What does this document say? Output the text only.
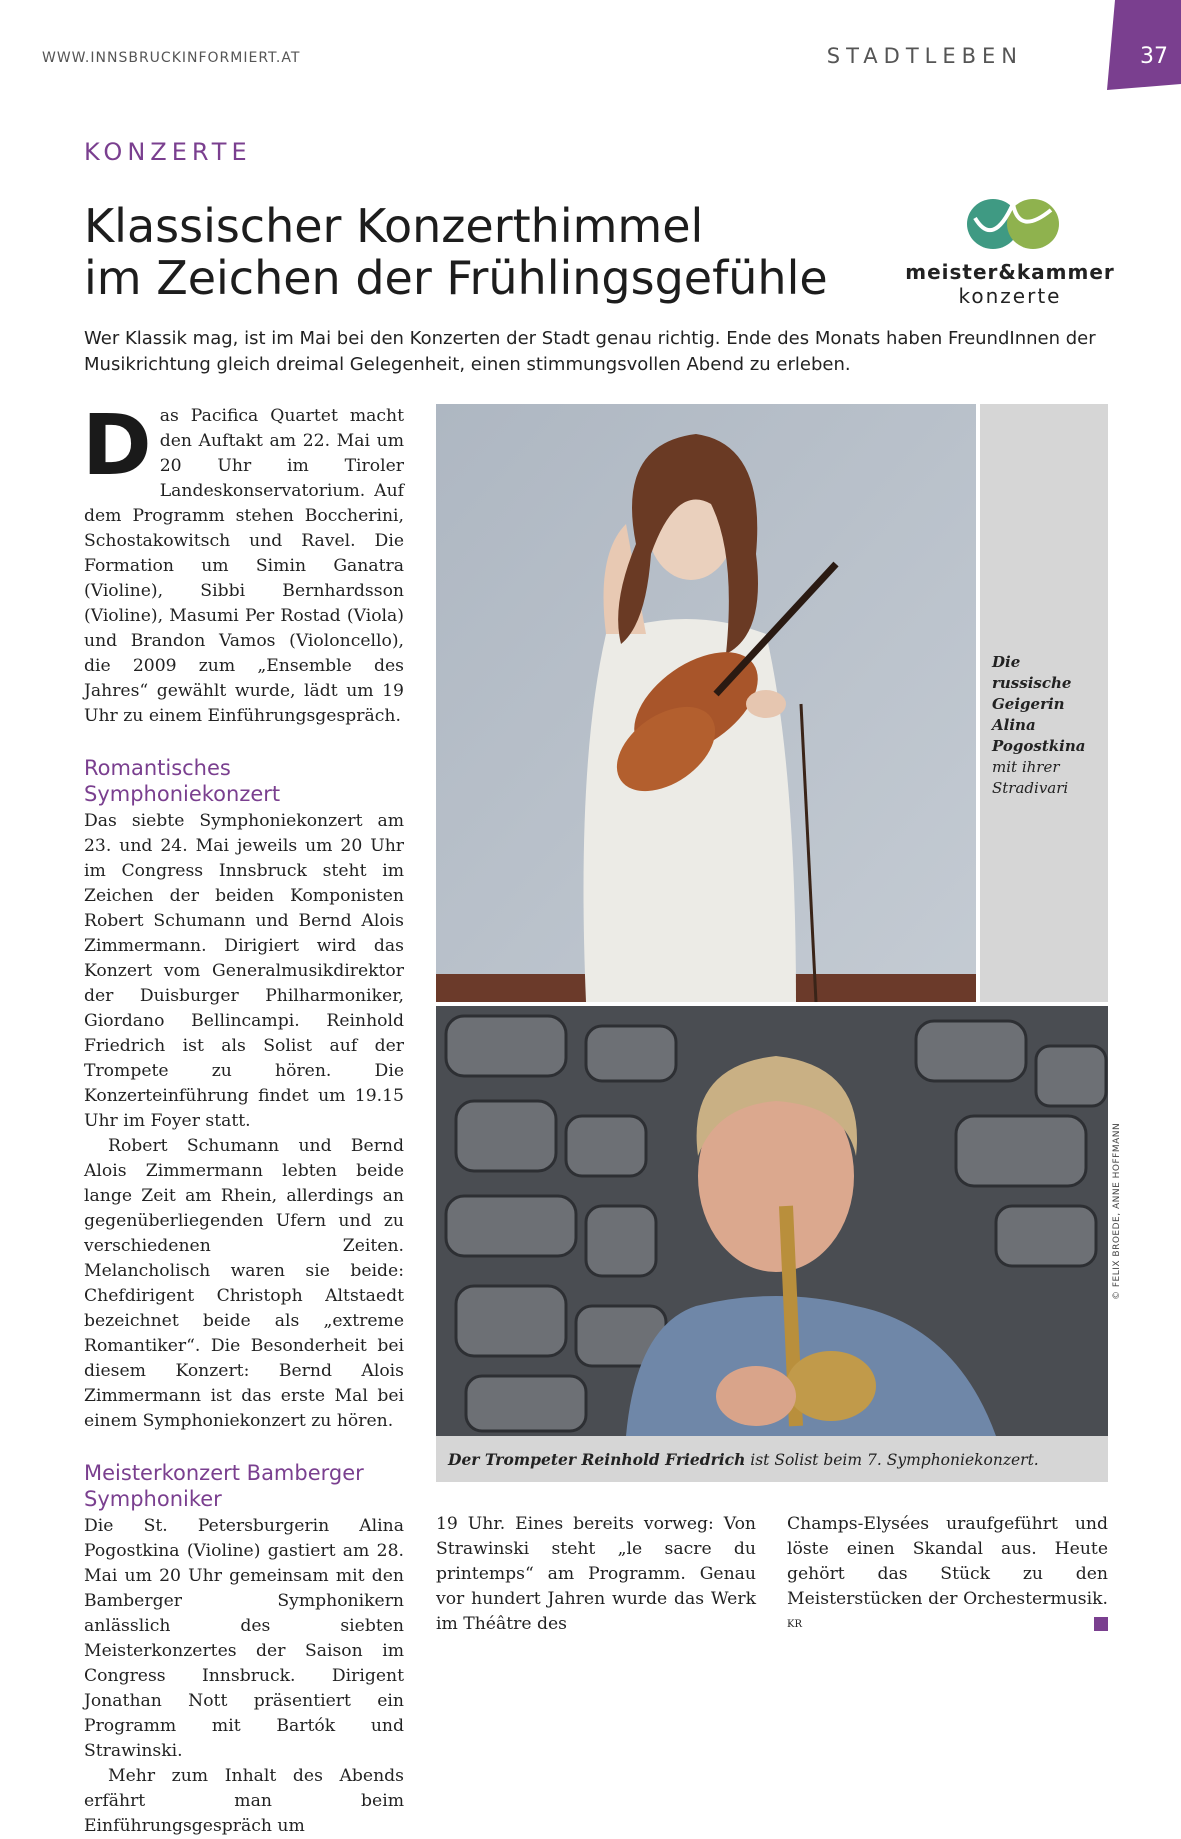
WWW.INNSBRUCKINFORMIERT.AT	STADTLEBEN	37
KONZERTE
Klassischer Konzerthimmel
im Zeichen der Frühlingsgefühle	meister&kammer
konzerte
Wer Klassik mag, ist im Mai bei den Konzerten der Stadt genau richtig. Ende des Monats haben FreundInnen der Musikrichtung gleich dreimal Gelegenheit, einen stimmungsvollen Abend zu erleben.

Das Pacifica Quartet macht den Auftakt am 22. Mai um 20 Uhr im Tiroler Landeskonservatorium. Auf dem Programm stehen Boccherini, Schostakowitsch und Ravel. Die Formation um Simin Ganatra (Violine), Sibbi Bernhardsson (Violine), Masumi Per Rostad (Viola) und Brandon Vamos (Violoncello), die 2009 zum „Ensemble des Jahres“ gewählt wurde, lädt um 19 Uhr zu einem Einführungsgespräch.

Romantisches Symphoniekonzert

Das siebte Symphoniekonzert am 23. und 24. Mai jeweils um 20 Uhr im Congress Innsbruck steht im Zeichen der beiden Komponisten Robert Schumann und Bernd Alois Zimmermann. Dirigiert wird das Konzert vom Generalmusikdirektor der Duisburger Philharmoniker, Giordano Bellincampi. Reinhold Friedrich ist als Solist auf der Trompete zu hören. Die Konzerteinführung findet um 19.15 Uhr im Foyer statt.

Robert Schumann und Bernd Alois Zimmermann lebten beide lange Zeit am Rhein, allerdings an gegenüberliegenden Ufern und zu verschiedenen Zeiten. Melancholisch waren sie beide: Chefdirigent Christoph Altstaedt bezeichnet beide als „extreme Romantiker“. Die Besonderheit bei diesem Konzert: Bernd Alois Zimmermann ist das erste Mal bei einem Symphoniekonzert zu hören.

Meisterkonzert Bamberger Symphoniker

Die St. Petersburgerin Alina Pogostkina (Violine) gastiert am 28. Mai um 20 Uhr gemeinsam mit den Bamberger Symphonikern anlässlich des siebten Meisterkonzertes der Saison im Congress Innsbruck. Dirigent Jonathan Nott präsentiert ein Programm mit Bartók und Strawinski.

Mehr zum Inhalt des Abends erfährt man beim Einführungsgespräch um

Die russische Geigerin Alina Pogostkina
mit ihrer Stradivari
Der Trompeter Reinhold Friedrich ist Solist beim 7. Symphoniekonzert.
© FELIX BROEDE, ANNE HOFFMANN

19 Uhr. Eines bereits vorweg: Von Strawinski steht „le sacre du printemps“ am Programm. Genau vor hundert Jahren wurde das Werk im Théâtre des

Champs-Elysées uraufgeführt und löste einen Skandal aus. Heute gehört das Stück zu den Meisterstücken der Orchestermusik. $^{KR}$
